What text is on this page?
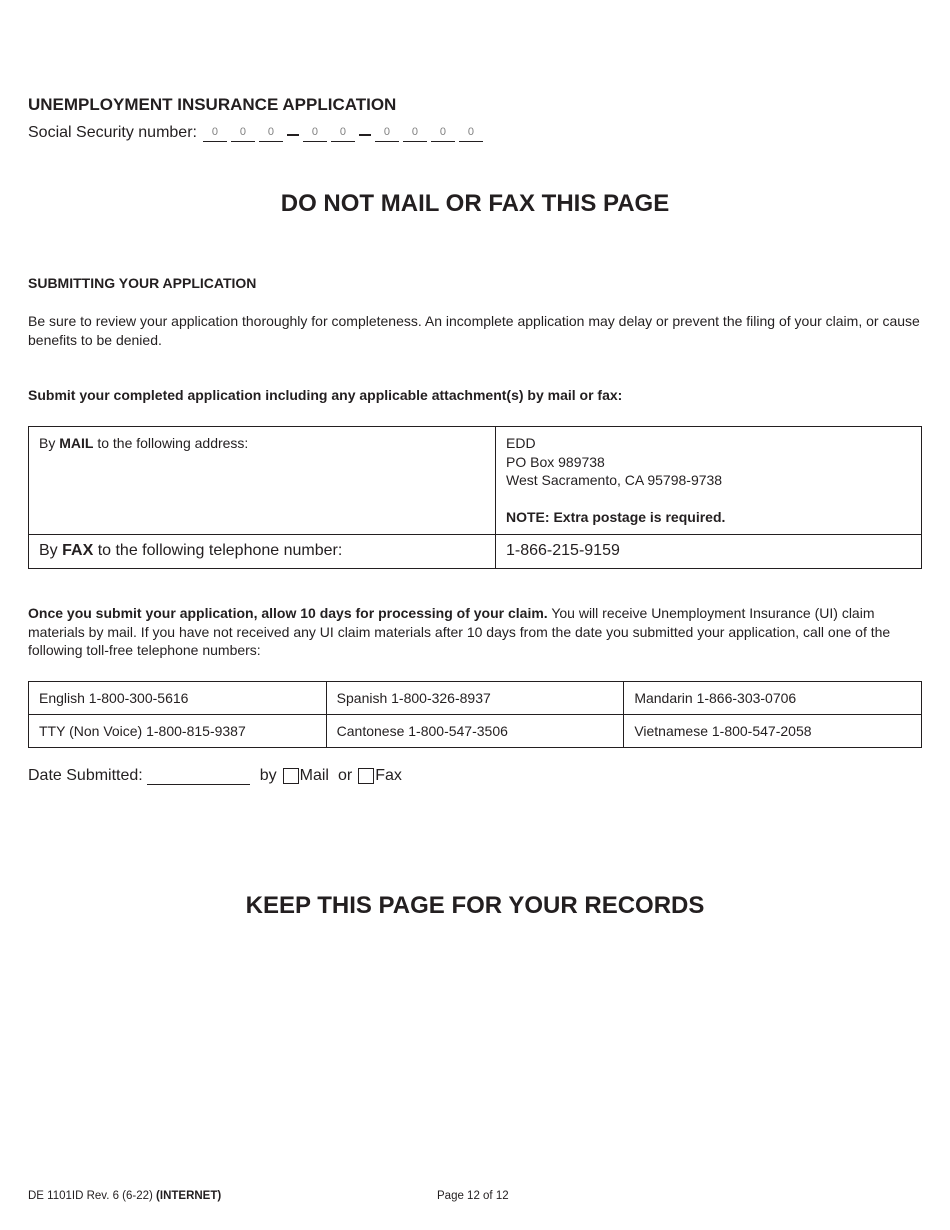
UNEMPLOYMENT INSURANCE APPLICATION
Social Security number:	0	0	0	0	0	0	0	0	0
DO NOT MAIL OR FAX THIS PAGE
SUBMITTING YOUR APPLICATION
Be sure to review your application thoroughly for completeness. An incomplete application may delay or prevent the filing of your claim, or cause benefits to be denied.
Submit your completed application including any applicable attachment(s) by mail or fax:
By MAIL to the following address:	EDD
PO Box 989738
West Sacramento, CA 95798-9738
NOTE: Extra postage is required.

By FAX to the following telephone number:	1-866-215-9159
Once you submit your application, allow 10 days for processing of your claim. You will receive Unemployment Insurance (UI) claim materials by mail. If you have not received any UI claim materials after 10 days from the date you submitted your application, call one of the following toll-free telephone numbers:
English 1-800-300-5616	Spanish 1-800-326-8937	Mandarin 1-866-303-0706
TTY (Non Voice) 1-800-815-9387	Cantonese 1-800-547-3506	Vietnamese 1-800-547-2058
Date Submitted:	by Mail or Fax
KEEP THIS PAGE FOR YOUR RECORDS
DE 1101ID Rev. 6 (6-22) (INTERNET)	Page 12 of 12
